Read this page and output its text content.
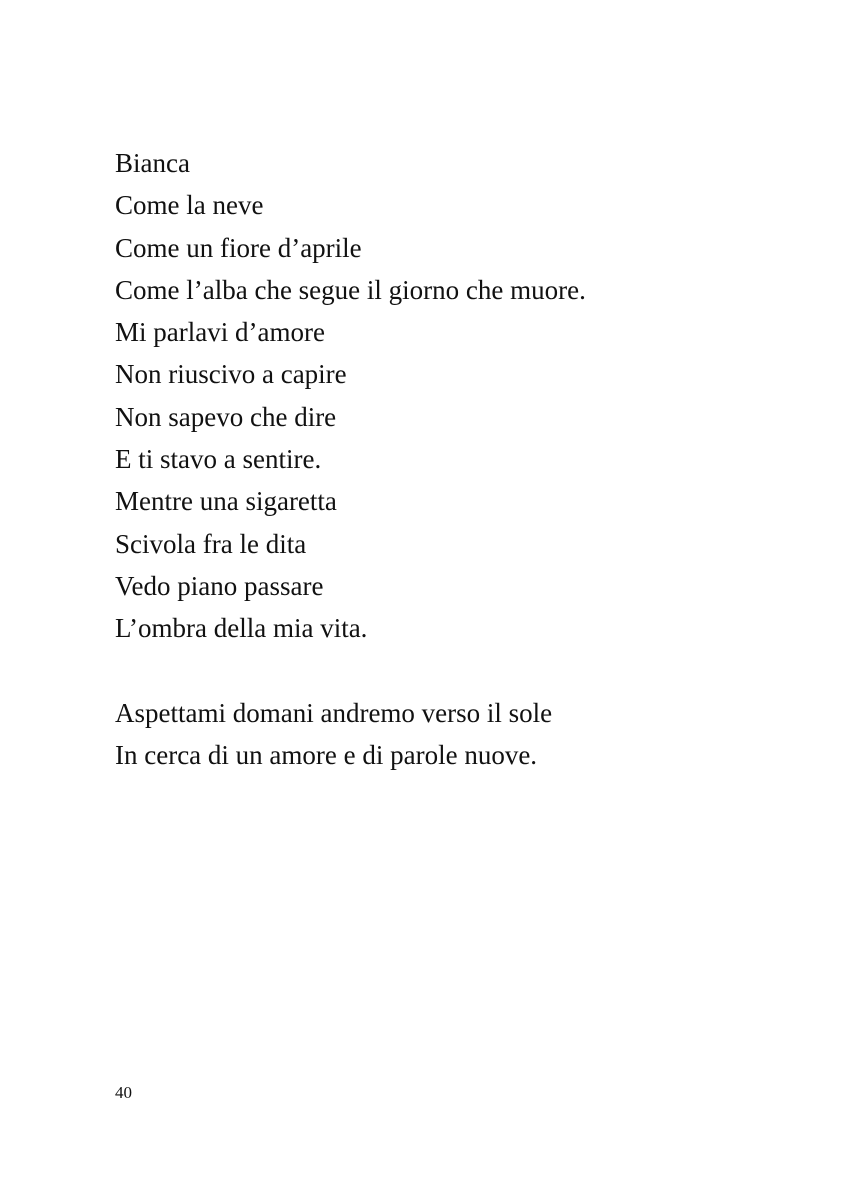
Bianca
Come la neve
Come un fiore d’aprile
Come l’alba che segue il giorno che muore.
Mi parlavi d’amore
Non riuscivo a capire
Non sapevo che dire
E ti stavo a sentire.
Mentre una sigaretta
Scivola fra le dita
Vedo piano passare
L’ombra della mia vita.
Aspettami domani andremo verso il sole
In cerca di un amore e di parole nuove.
40
